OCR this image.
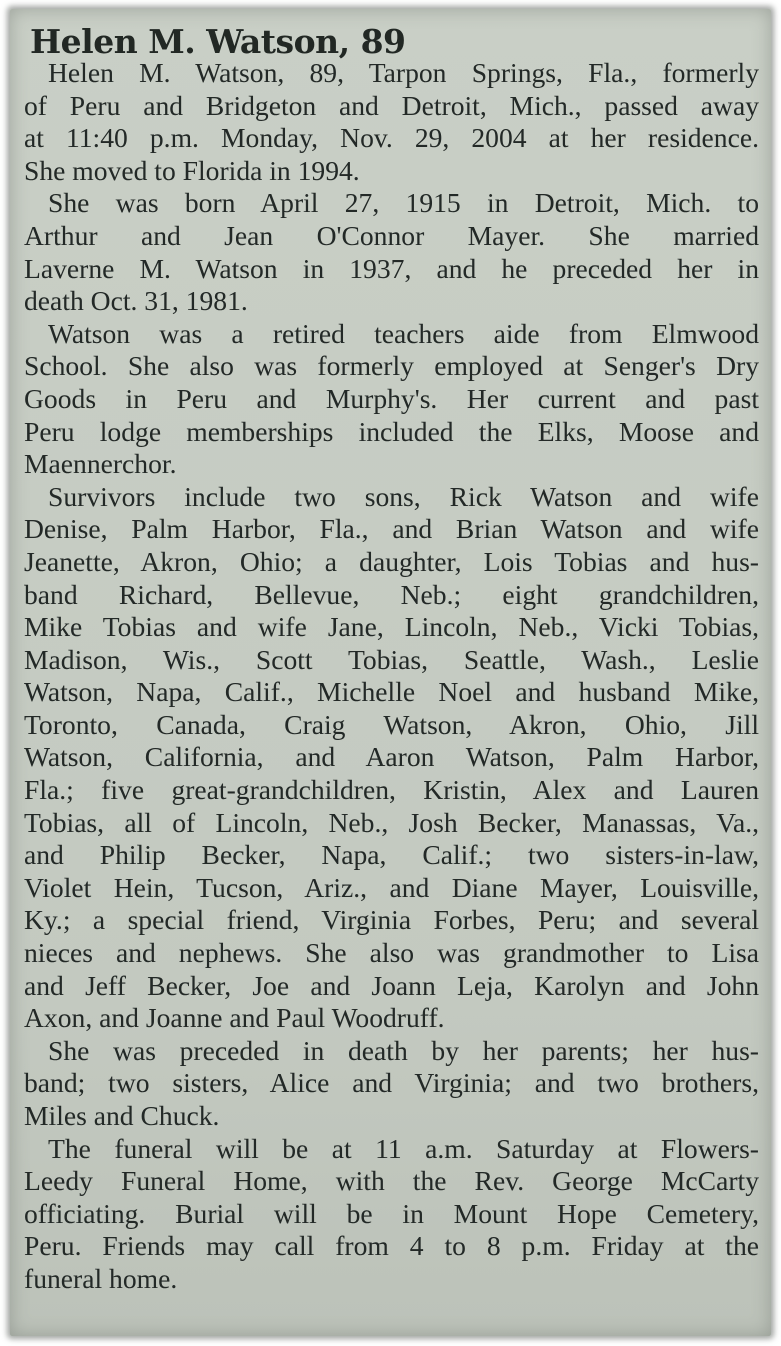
Helen M. Watson, 89
Helen M. Watson, 89, Tarpon Springs, Fla., formerly
of Peru and Bridgeton and Detroit, Mich., passed away
at 11:40 p.m. Monday, Nov. 29, 2004 at her residence.
She moved to Florida in 1994.
She was born April 27, 1915 in Detroit, Mich. to
Arthur and Jean O'Connor Mayer. She married
Laverne M. Watson in 1937, and he preceded her in
death Oct. 31, 1981.
Watson was a retired teachers aide from Elmwood
School. She also was formerly employed at Senger's Dry
Goods in Peru and Murphy's. Her current and past
Peru lodge memberships included the Elks, Moose and
Maennerchor.
Survivors include two sons, Rick Watson and wife
Denise, Palm Harbor, Fla., and Brian Watson and wife
Jeanette, Akron, Ohio; a daughter, Lois Tobias and hus-
band Richard, Bellevue, Neb.; eight grandchildren,
Mike Tobias and wife Jane, Lincoln, Neb., Vicki Tobias,
Madison, Wis., Scott Tobias, Seattle, Wash., Leslie
Watson, Napa, Calif., Michelle Noel and husband Mike,
Toronto, Canada, Craig Watson, Akron, Ohio, Jill
Watson, California, and Aaron Watson, Palm Harbor,
Fla.; five great-grandchildren, Kristin, Alex and Lauren
Tobias, all of Lincoln, Neb., Josh Becker, Manassas, Va.,
and Philip Becker, Napa, Calif.; two sisters-in-law,
Violet Hein, Tucson, Ariz., and Diane Mayer, Louisville,
Ky.; a special friend, Virginia Forbes, Peru; and several
nieces and nephews. She also was grandmother to Lisa
and Jeff Becker, Joe and Joann Leja, Karolyn and John
Axon, and Joanne and Paul Woodruff.
She was preceded in death by her parents; her hus-
band; two sisters, Alice and Virginia; and two brothers,
Miles and Chuck.
The funeral will be at 11 a.m. Saturday at Flowers-
Leedy Funeral Home, with the Rev. George McCarty
officiating. Burial will be in Mount Hope Cemetery,
Peru. Friends may call from 4 to 8 p.m. Friday at the
funeral home.
